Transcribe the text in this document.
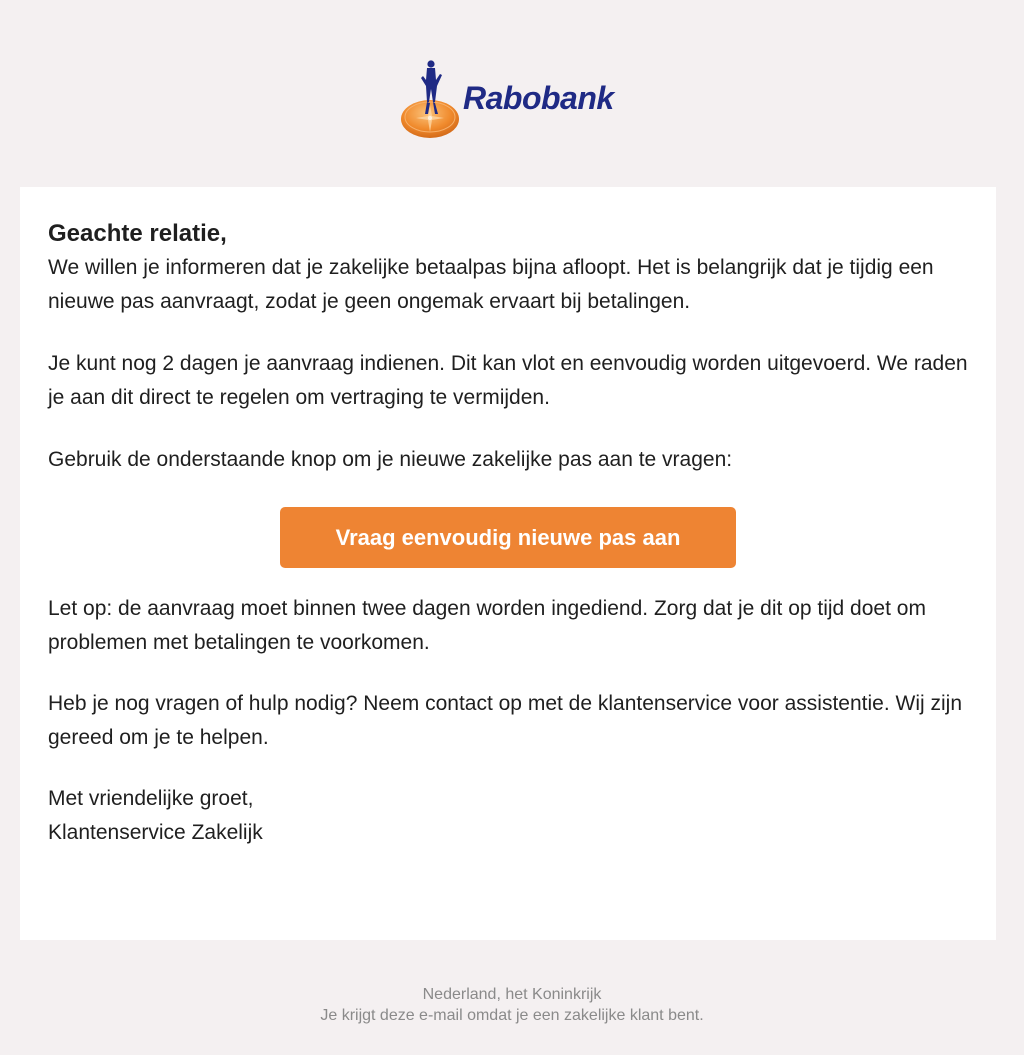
Rabobank

Geachte relatie,

We willen je informeren dat je zakelijke betaalpas bijna afloopt. Het is belangrijk dat je tijdig een nieuwe pas aanvraagt, zodat je geen ongemak ervaart bij betalingen.

Je kunt nog 2 dagen je aanvraag indienen. Dit kan vlot en eenvoudig worden uitgevoerd. We raden je aan dit direct te regelen om vertraging te vermijden.

Gebruik de onderstaande knop om je nieuwe zakelijke pas aan te vragen:

Vraag eenvoudig nieuwe pas aan

Let op: de aanvraag moet binnen twee dagen worden ingediend. Zorg dat je dit op tijd doet om problemen met betalingen te voorkomen.

Heb je nog vragen of hulp nodig? Neem contact op met de klantenservice voor assistentie. Wij zijn gereed om je te helpen.

Met vriendelijke groet,

Klantenservice Zakelijk

Nederland, het Koninkrijk
Je krijgt deze e-mail omdat je een zakelijke klant bent.
